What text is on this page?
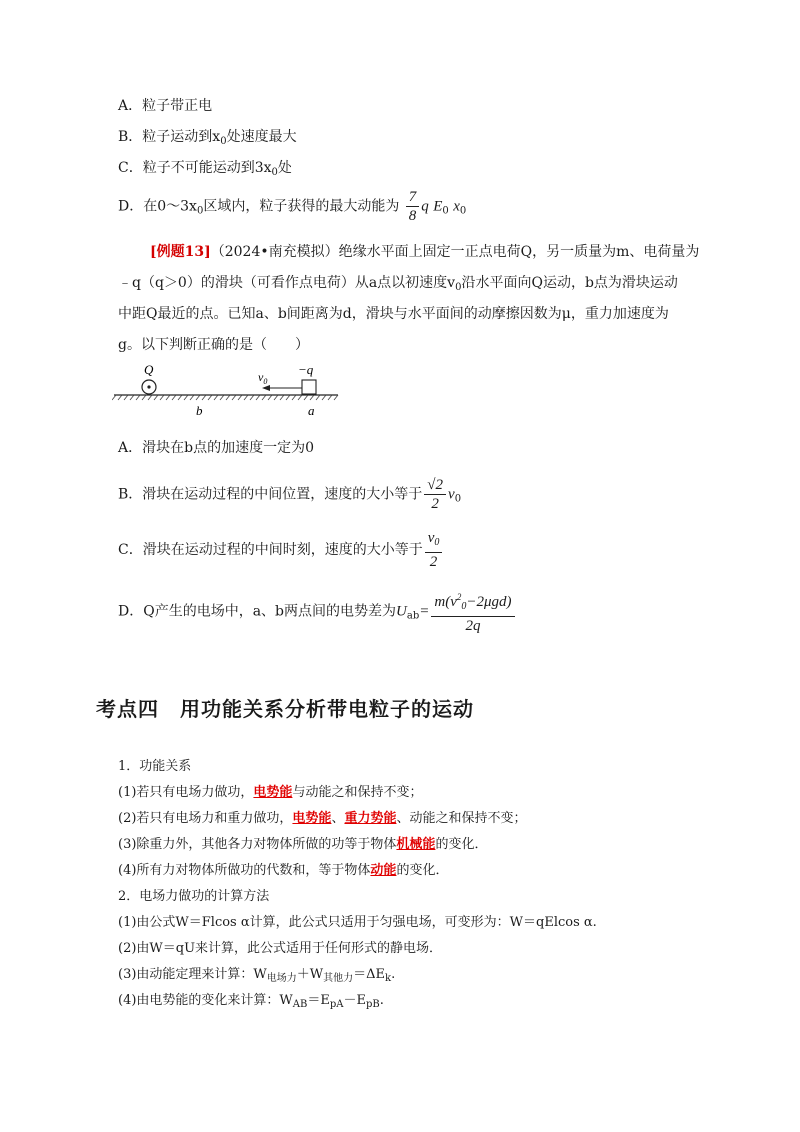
A．粒子带正电
B．粒子运动到$x_0$处速度最大
C．粒子不可能运动到$3x_0$处
D．在$0\sim 3x_0$区域内，粒子获得的最大动能为 $\frac{7}{8}$ q $E_0$ $x_0$
[例题13]（2024•南充模拟）绝缘水平面上固定一正点电荷Q，另一质量为m、电荷量为
﹣q（q＞0）的滑块（可看作点电荷）从a点以初速度$v_0$沿水平面向Q运动，b点为滑块运动
中距Q最近的点。已知a、b间距离为d，滑块与水平面间的动摩擦因数为μ，重力加速度为
g。以下判断正确的是（　　）
Q	−q
$v_0$
b	a
A．滑块在b点的加速度一定为0
B．滑块在运动过程的中间位置，速度的大小等于 $\frac{√2}{2} v_0$
C．滑块在运动过程的中间时刻，速度的大小等于 $\frac{v_0}{2}$
D．Q产生的电场中，a、b两点间的电势差为$U_{ab}= \frac{m(v^2_0-2\mu gd)}{2q}$
考点四　用功能关系分析带电粒子的运动
1．功能关系
(1)若只有电场力做功，电势能与动能之和保持不变；
(2)若只有电场力和重力做功，电势能、重力势能、动能之和保持不变；
(3)除重力外，其他各力对物体所做的功等于物体机械能的变化．
(4)所有力对物体所做功的代数和，等于物体动能的变化．
2．电场力做功的计算方法
(1)由公式W＝Flcos α计算，此公式只适用于匀强电场，可变形为：W＝qElcos α.
(2)由W＝qU来计算，此公式适用于任何形式的静电场．
(3)由动能定理来计算：$W_{电场力}+W_{其他力}=\Delta E_k$.
(4)由电势能的变化来计算：$W_{AB}=E_{pA}-E_{pB}$.
